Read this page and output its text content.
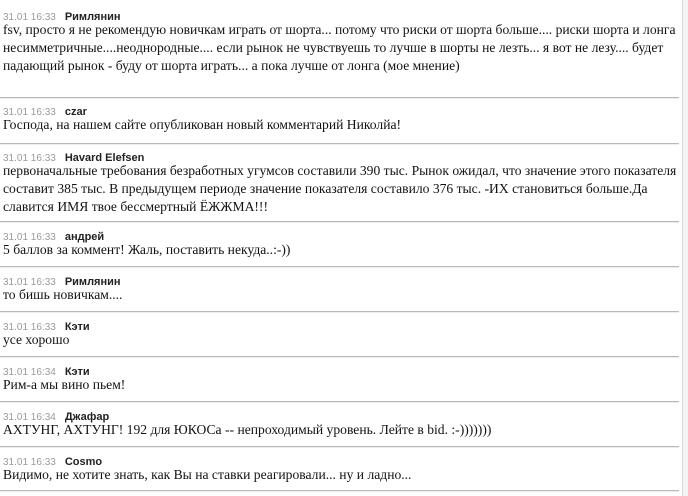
31.01 16:33 Римлянин

fsv, просто я не рекомендую новичкам играть от шорта... потому что риски от шорта больше.... риски шорта и лонга несимметричные....неоднородные.... если рынок не чувствуешь то лучше в шорты не лезть... я вот не лезу.... будет падающий рынок - буду от шорта играть... а пока лучше от лонга (мое мнение)

31.01 16:33 czar

Господа, на нашем сайте опубликован новый комментарий Николйа!

31.01 16:33 Havard Elefsen

первоначальные требования безработных угумсов составили 390 тыс. Рынок ожидал, что значение этого показателя составит 385 тыс. В предыдущем периоде значение показателя составило 376 тыс. -ИХ становиться больше.Да славится ИМЯ твое бессмертный ЁЖЖМА!!!

31.01 16:33 андрей

5 баллов за коммент! Жаль, поставить некуда..:-))

31.01 16:33 Римлянин

то бишь новичкам....

31.01 16:33 Кэти

усе хорошо

31.01 16:34 Кэти

Рим-а мы вино пьем!

31.01 16:34 Джафар

АХТУНГ, АХТУНГ! 192 для ЮКОСа -- непроходимый уровень. Лейте в bid. :-)))))))

31.01 16:33 Cosmo

Видимо, не хотите знать, как Вы на ставки реагировали... ну и ладно...
